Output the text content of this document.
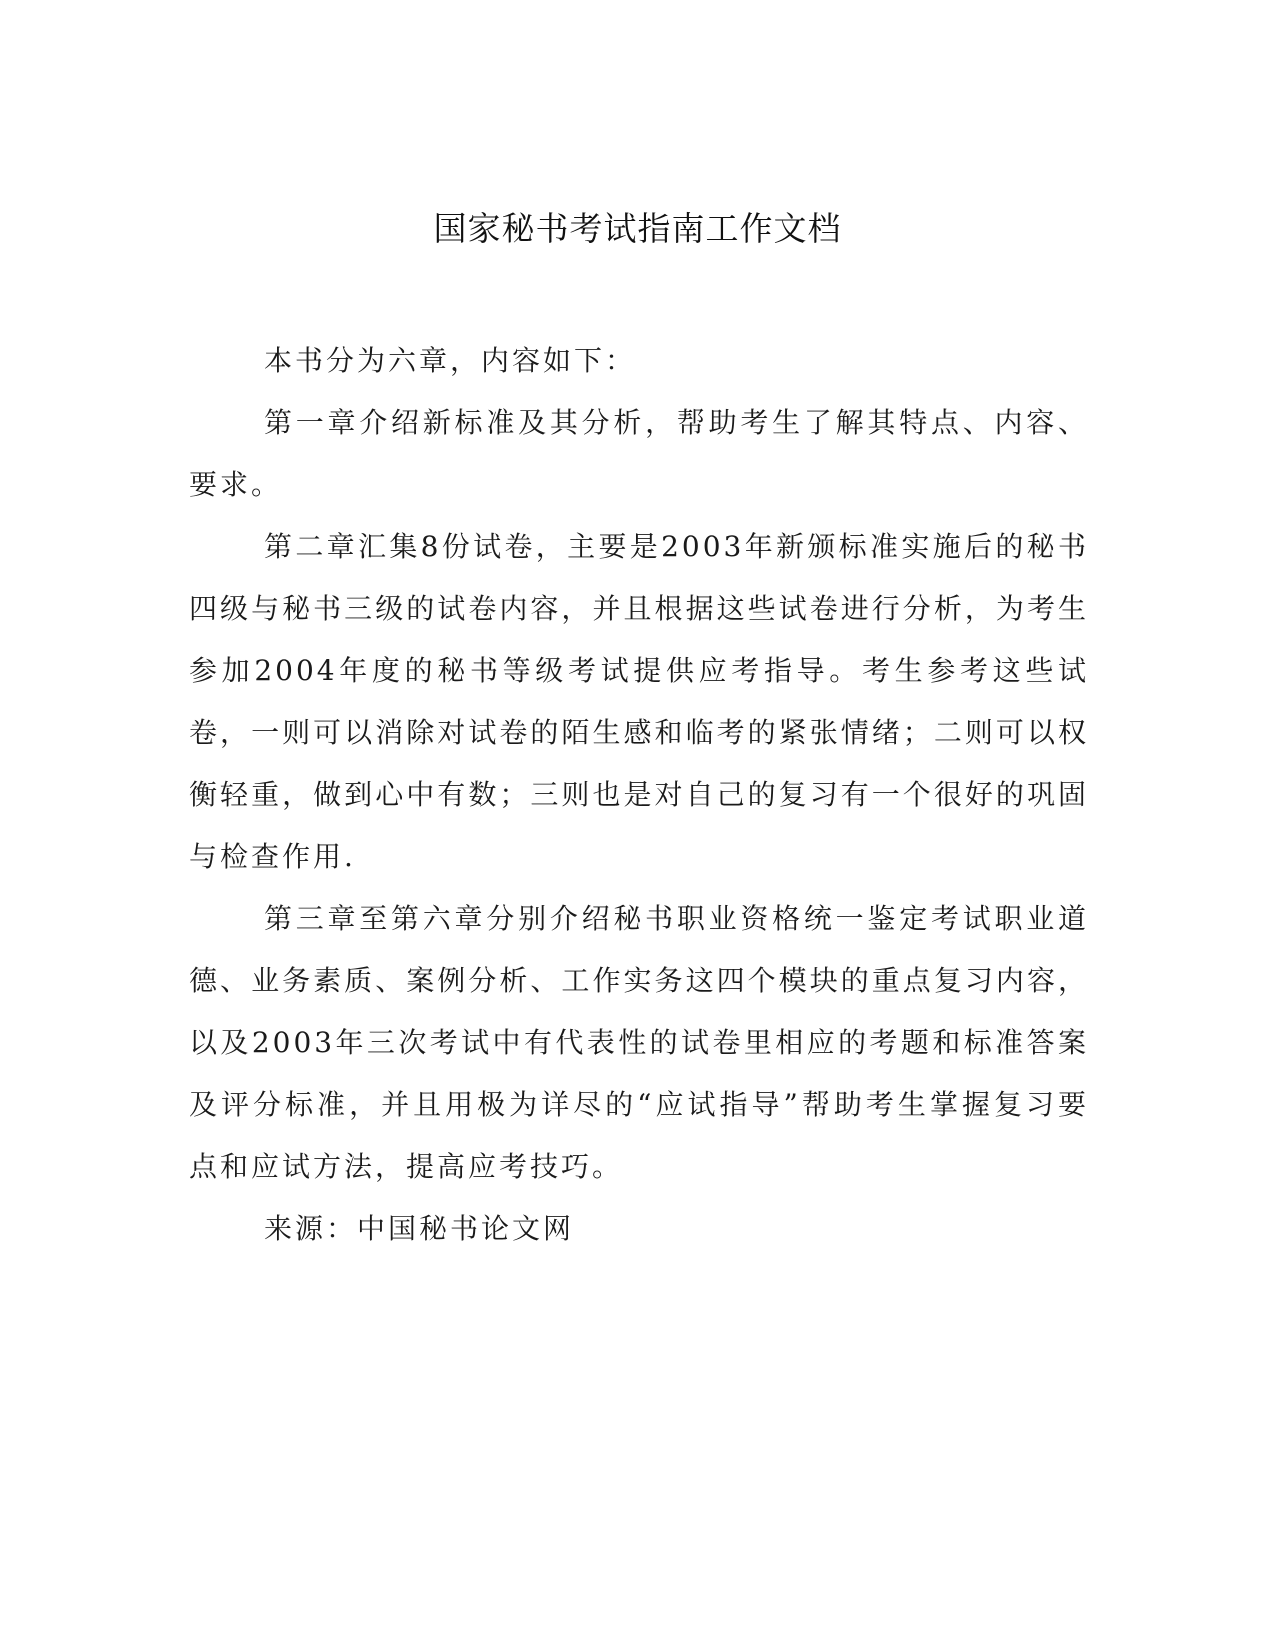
国家秘书考试指南工作文档

本书分为六章，内容如下：

第一章介绍新标准及其分析，帮助考生了解其特点、内容、要求。

第二章汇集8份试卷，主要是2003年新颁标准实施后的秘书四级与秘书三级的试卷内容，并且根据这些试卷进行分析，为考生参加2004年度的秘书等级考试提供应考指导。考生参考这些试卷，一则可以消除对试卷的陌生感和临考的紧张情绪；二则可以权衡轻重，做到心中有数；三则也是对自己的复习有一个很好的巩固与检查作用.

第三章至第六章分别介绍秘书职业资格统一鉴定考试职业道德、业务素质、案例分析、工作实务这四个模块的重点复习内容，以及2003年三次考试中有代表性的试卷里相应的考题和标准答案及评分标准，并且用极为详尽的“应试指导”帮助考生掌握复习要点和应试方法，提高应考技巧。

来源：中国秘书论文网
